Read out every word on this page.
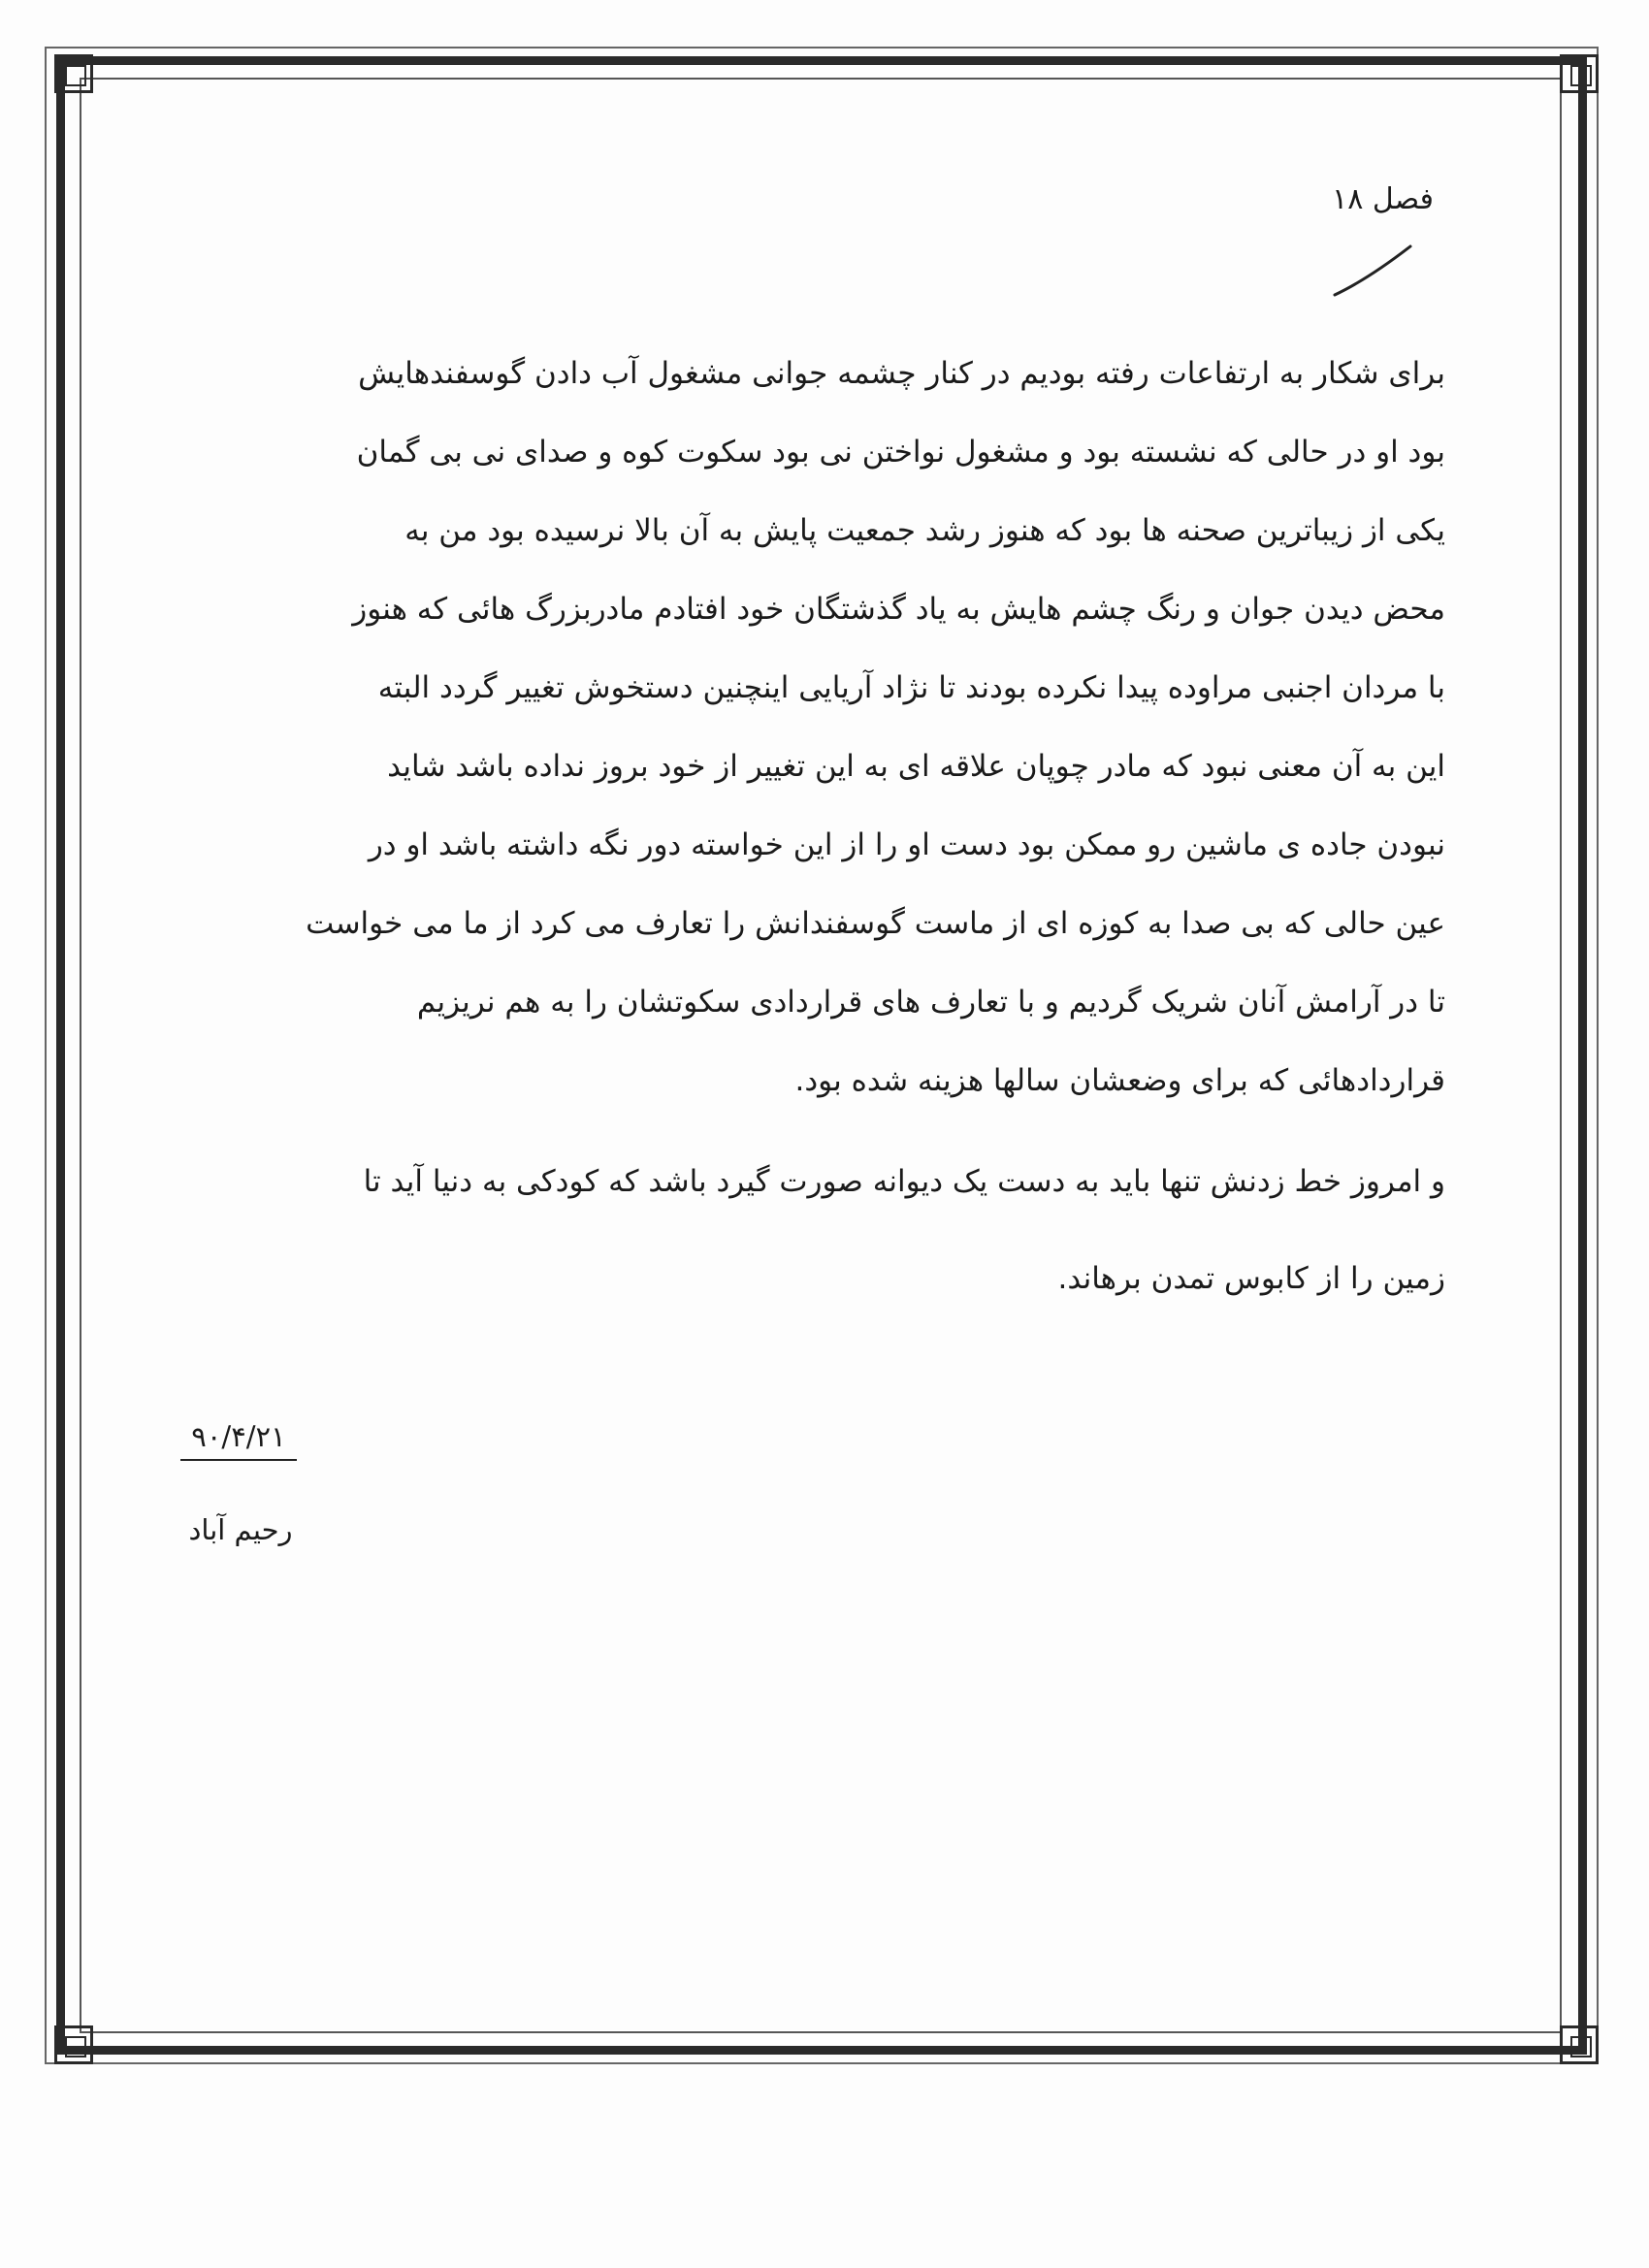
فصل ۱۸
برای شکار به ارتفاعات رفته بودیم در کنار چشمه جوانی مشغول آب دادن گوسفندهایش
بود او در حالی که نشسته بود و مشغول نواختن نی بود سکوت کوه و صدای نی بی گمان
یکی از زیباترین صحنه ها بود که هنوز رشد جمعیت پایش به آن بالا نرسیده بود من به
محض دیدن جوان و رنگ چشم هایش به یاد گذشتگان خود افتادم مادربزرگ هائی که هنوز
با مردان اجنبی مراوده پیدا نکرده بودند تا نژاد آریایی اینچنین دستخوش تغییر گردد البته
این به آن معنی نبود که مادر چوپان علاقه ای به این تغییر از خود بروز نداده باشد شاید
نبودن جاده ی ماشین رو ممکن بود دست او را از این خواسته دور نگه داشته باشد او در
عین حالی که بی صدا به کوزه ای از ماست گوسفندانش را تعارف می کرد از ما می خواست
تا در آرامش آنان شریک گردیم و با تعارف های قراردادی سکوتشان را به هم نریزیم
قراردادهائی که برای وضعشان سالها هزینه شده بود.
و امروز خط زدنش تنها باید به دست یک دیوانه صورت گیرد باشد که کودکی به دنیا آید تا
زمین را از کابوس تمدن برهاند.
۹۰/۴/۲۱
رحیم آباد
